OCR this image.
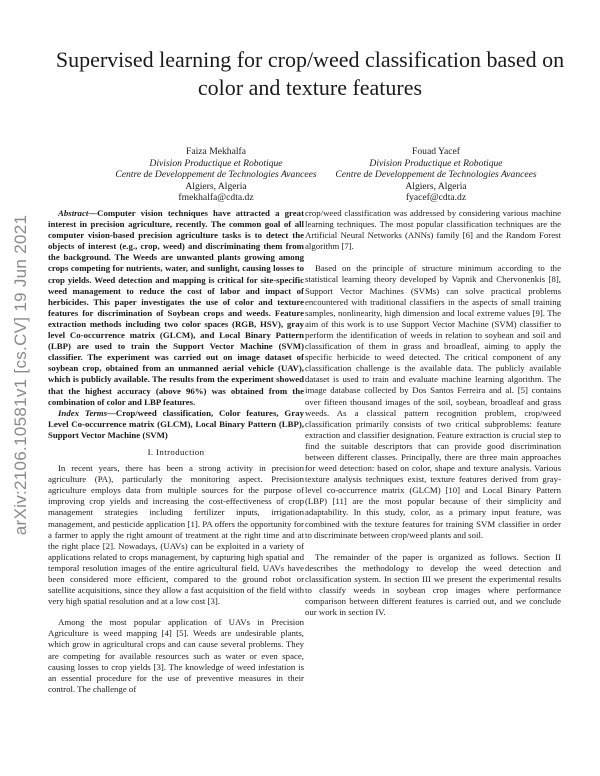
arXiv:2106.10581v1 [cs.CV] 19 Jun 2021
Supervised learning for crop/weed classification based on color and texture features
Faiza Mekhalfa
Division Productique et Robotique
Centre de Developpement de Technologies Avancees
Algiers, Algeria
fmekhalfa@cdta.dz
Fouad Yacef
Division Productique et Robotique
Centre de Developpement de Technologies Avancees
Algiers, Algeria
fyacef@cdta.dz

Abstract—Computer vision techniques have attracted a great interest in precision agriculture, recently. The common goal of all computer vision-based precision agriculture tasks is to detect the objects of interest (e.g., crop, weed) and discriminating them from the background. The Weeds are unwanted plants growing among crops competing for nutrients, water, and sunlight, causing losses to crop yields. Weed detection and mapping is critical for site-specific weed management to reduce the cost of labor and impact of herbicides. This paper investigates the use of color and texture features for discrimination of Soybean crops and weeds. Feature extraction methods including two color spaces (RGB, HSV), gray level Co-occurrence matrix (GLCM), and Local Binary Pattern (LBP) are used to train the Support Vector Machine (SVM) classifier. The experiment was carried out on image dataset of soybean crop, obtained from an unmanned aerial vehicle (UAV), which is publicly available. The results from the experiment showed that the highest accuracy (above 96%) was obtained from the combination of color and LBP features.

Index Terms—Crop/weed classification, Color features, Gray Level Co-occurrence matrix (GLCM), Local Binary Pattern (LBP), Support Vector Machine (SVM)

I. Introduction

In recent years, there has been a strong activity in precision agriculture (PA), particularly the monitoring aspect. Precision agriculture employs data from multiple sources for the purpose of improving crop yields and increasing the cost-effectiveness of crop management strategies including fertilizer inputs, irrigation management, and pesticide application [1]. PA offers the opportunity for a farmer to apply the right amount of treatment at the right time and at the right place [2]. Nowadays, (UAVs) can be exploited in a variety of applications related to crops management, by capturing high spatial and temporal resolution images of the entire agricultural field. UAVs have been considered more efficient, compared to the ground robot or satellite acquisitions, since they allow a fast acquisition of the field with very high spatial resolution and at a low cost [3].

Among the most popular application of UAVs in Precision Agriculture is weed mapping [4] [5]. Weeds are undesirable plants, which grow in agricultural crops and can cause several problems. They are competing for available resources such as water or even space, causing losses to crop yields [3]. The knowledge of weed infestation is an essential procedure for the use of preventive measures in their control. The challenge of

crop/weed classification was addressed by considering various machine learning techniques. The most popular classification techniques are the Artificial Neural Networks (ANNs) family [6] and the Random Forest algorithm [7].

Based on the principle of structure minimum according to the statistical learning theory developed by Vapnik and Chervonenkis [8], Support Vector Machines (SVMs) can solve practical problems encountered with traditional classifiers in the aspects of small training samples, nonlinearity, high dimension and local extreme values [9]. The aim of this work is to use Support Vector Machine (SVM) classifier to perform the identification of weeds in relation to soybean and soil and classification of them in grass and broadleaf, aiming to apply the specific herbicide to weed detected. The critical component of any classification challenge is the available data. The publicly available dataset is used to train and evaluate machine learning algorithm. The image database collected by Dos Santos Ferreira and al. [5] contains over fifteen thousand images of the soil, soybean, broadleaf and grass weeds. As a classical pattern recognition problem, crop/weed classification primarily consists of two critical subproblems: feature extraction and classifier designation. Feature extraction is crucial step to find the suitable descriptors that can provide good discrimination between different classes. Principally, there are three main approaches for weed detection: based on color, shape and texture analysis. Various texture analysis techniques exist, texture features derived from gray-level co-occurrence matrix (GLCM) [10] and Local Binary Pattern (LBP) [11] are the most popular because of their simplicity and adaptability. In this study, color, as a primary input feature, was combined with the texture features for training SVM classifier in order to discriminate between crop/weed plants and soil.

The remainder of the paper is organized as follows. Section II describes the methodology to develop the weed detection and classification system. In section III we present the experimental results to classify weeds in soybean crop images where performance comparison between different features is carried out, and we conclude our work in section IV.
